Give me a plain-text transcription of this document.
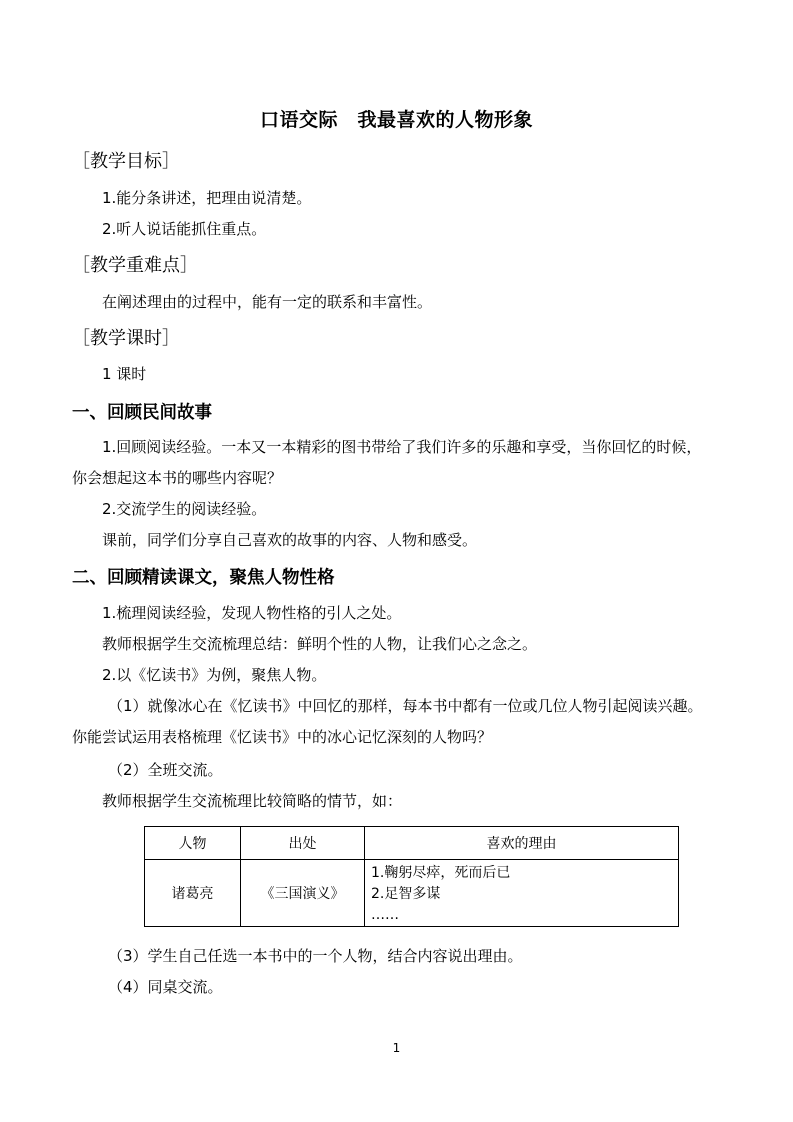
口语交际　我最喜欢的人物形象
［教学目标］
1.能分条讲述，把理由说清楚。
2.听人说话能抓住重点。
［教学重难点］
在阐述理由的过程中，能有一定的联系和丰富性。
［教学课时］
1 课时
一、回顾民间故事
1.回顾阅读经验。一本又一本精彩的图书带给了我们许多的乐趣和享受，当你回忆的时候，
你会想起这本书的哪些内容呢？
2.交流学生的阅读经验。
课前，同学们分享自己喜欢的故事的内容、人物和感受。
二、回顾精读课文，聚焦人物性格
1.梳理阅读经验，发现人物性格的引人之处。
教师根据学生交流梳理总结：鲜明个性的人物，让我们心之念之。
2.以《忆读书》为例，聚焦人物。
（1）就像冰心在《忆读书》中回忆的那样，每本书中都有一位或几位人物引起阅读兴趣。
你能尝试运用表格梳理《忆读书》中的冰心记忆深刻的人物吗？
（2）全班交流。
教师根据学生交流梳理比较简略的情节，如：
人物	出处	喜欢的理由
诸葛亮	《三国演义》	1.鞠躬尽瘁，死而后已
2.足智多谋
……
（3）学生自己任选一本书中的一个人物，结合内容说出理由。
（4）同桌交流。
1
